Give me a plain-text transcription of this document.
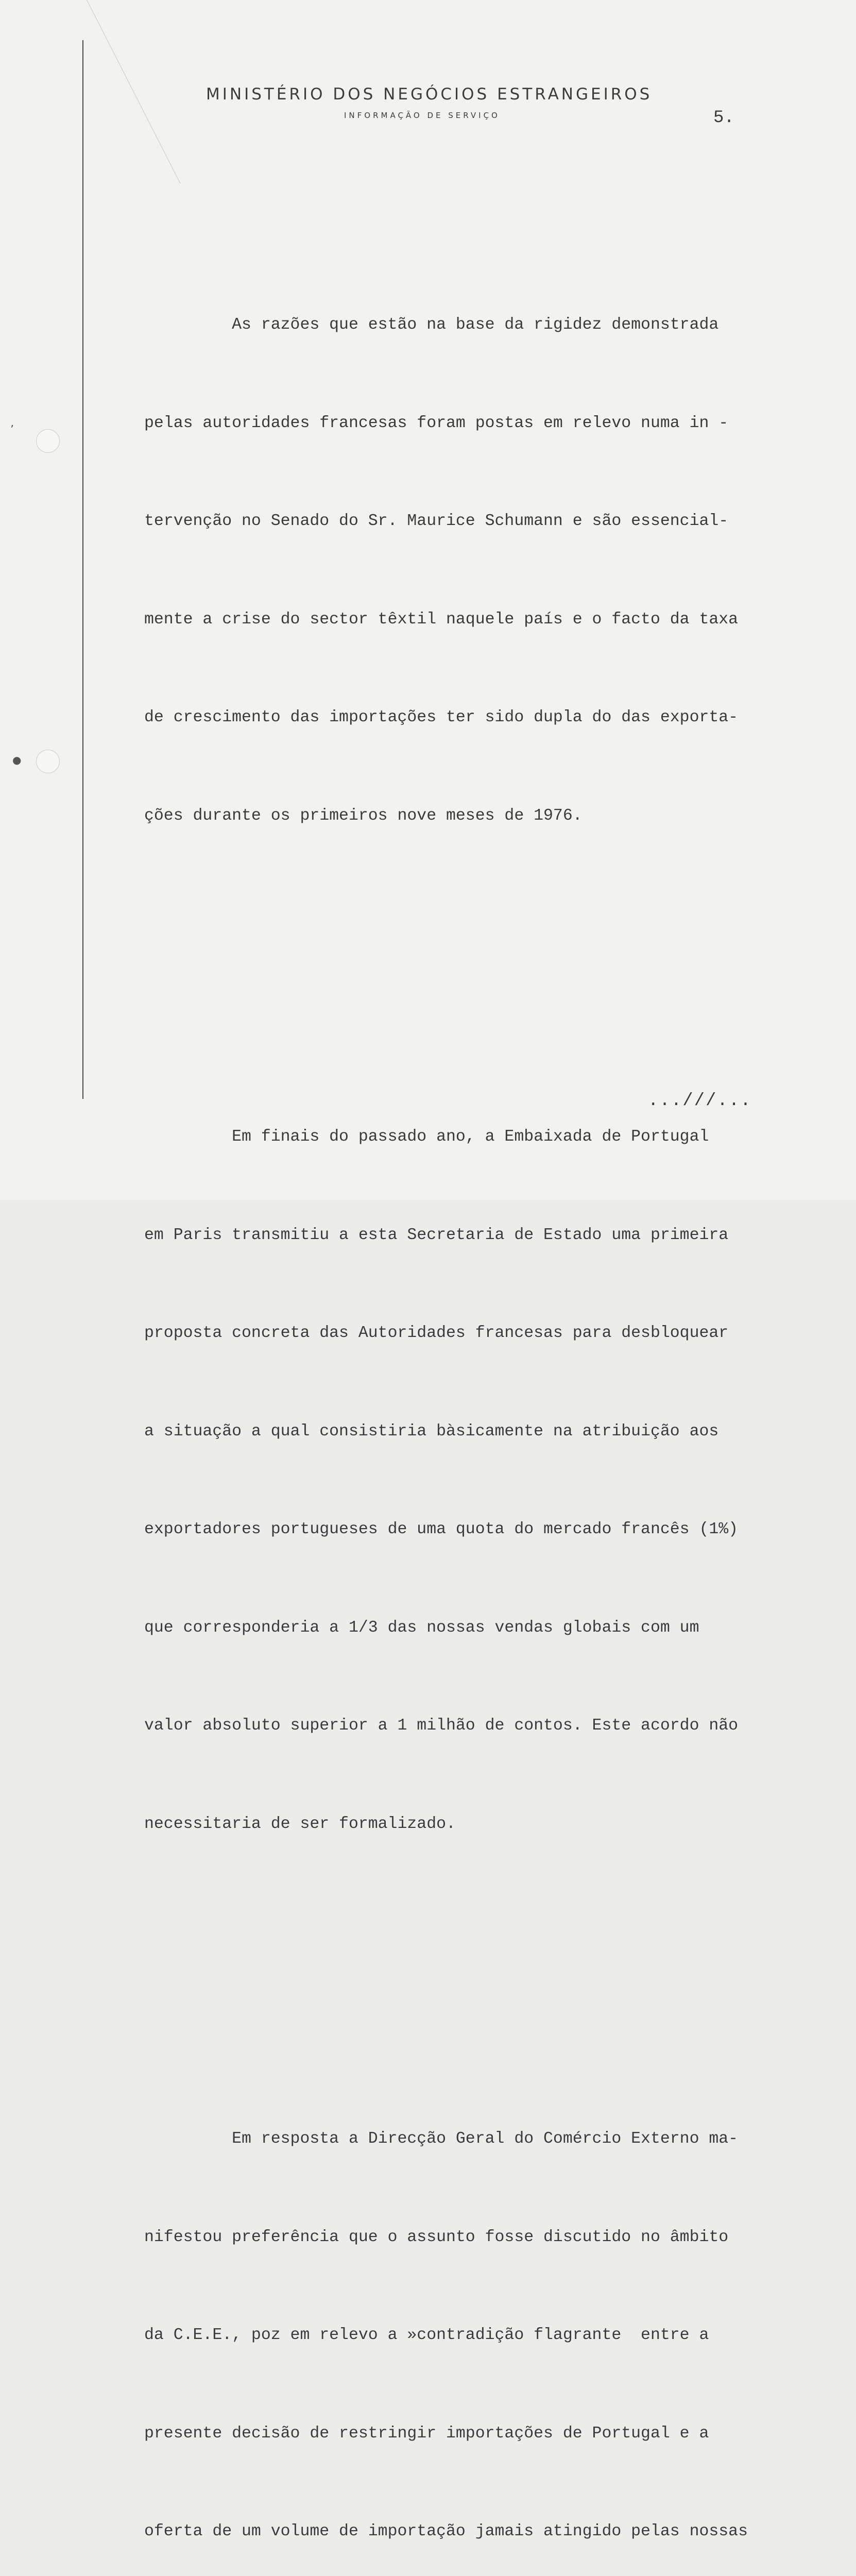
ʼ
●
MINISTÉRIO DOS NEGÓCIOS ESTRANGEIROS
INFORMAÇÃO DE SERVIÇO	5.

As razões que estão na base da rigidez demonstrada

pelas autoridades francesas foram postas em relevo numa in -

tervenção no Senado do Sr. Maurice Schumann e são essencial-

mente a crise do sector têxtil naquele país e o facto da taxa

de crescimento das importações ter sido dupla do das exporta-

ções durante os primeiros nove meses de 1976.

Em finais do passado ano, a Embaixada de Portugal

em Paris transmitiu a esta Secretaria de Estado uma primeira

proposta concreta das Autoridades francesas para desbloquear

a situação a qual consistiria bàsicamente na atribuição aos

exportadores portugueses de uma quota do mercado francês (1%)

que corresponderia a 1/3 das nossas vendas globais com um

valor absoluto superior a 1 milhão de contos. Este acordo não

necessitaria de ser formalizado.

Em resposta a Direcção Geral do Comércio Externo ma-

nifestou preferência que o assunto fosse discutido no âmbito

da C.E.E., poz em relevo a »contradição flagrante  entre a

presente decisão de restringir importações de Portugal e a

oferta de um volume de importação jamais atingido pelas nossas

...///...
